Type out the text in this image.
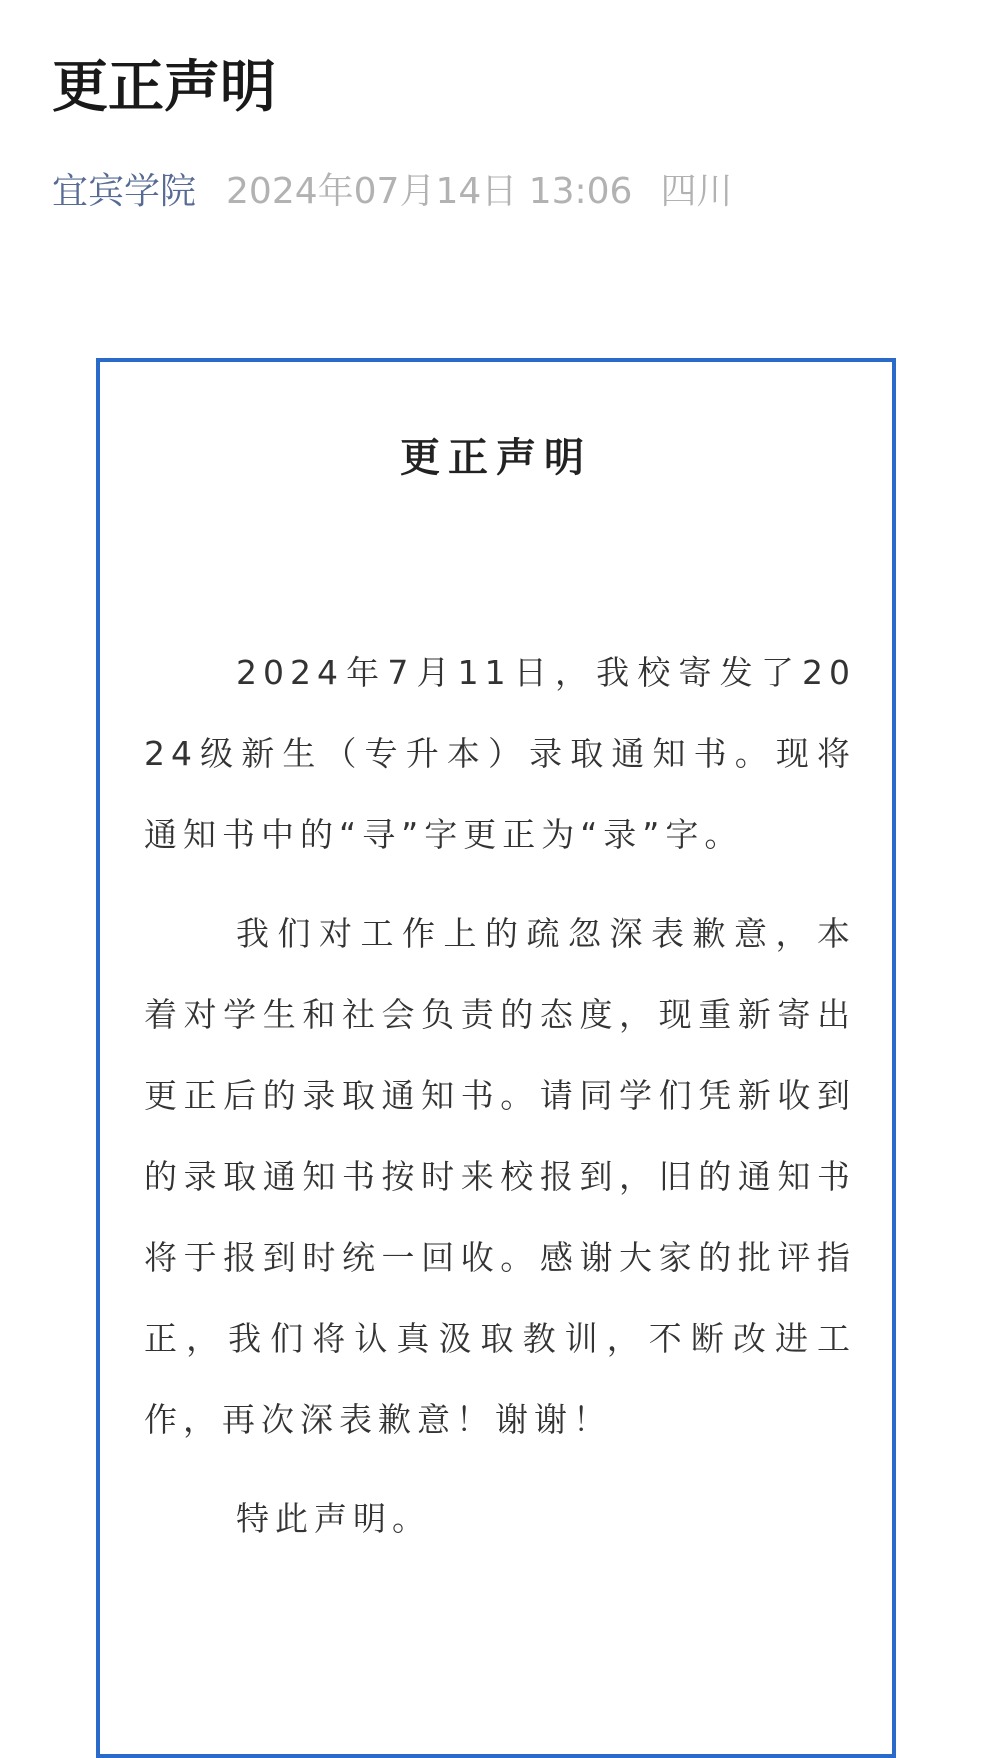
更正声明
宜宾学院 2024年07月14日 13:06 四川
更正声明

2024年7月11日，我校寄发了2024级新生（专升本）录取通知书。现将通知书中的“寻”字更正为“录”字。

我们对工作上的疏忽深表歉意，本着对学生和社会负责的态度，现重新寄出更正后的录取通知书。请同学们凭新收到的录取通知书按时来校报到，旧的通知书将于报到时统一回收。感谢大家的批评指正，我们将认真汲取教训，不断改进工作，再次深表歉意！谢谢！

特此声明。
